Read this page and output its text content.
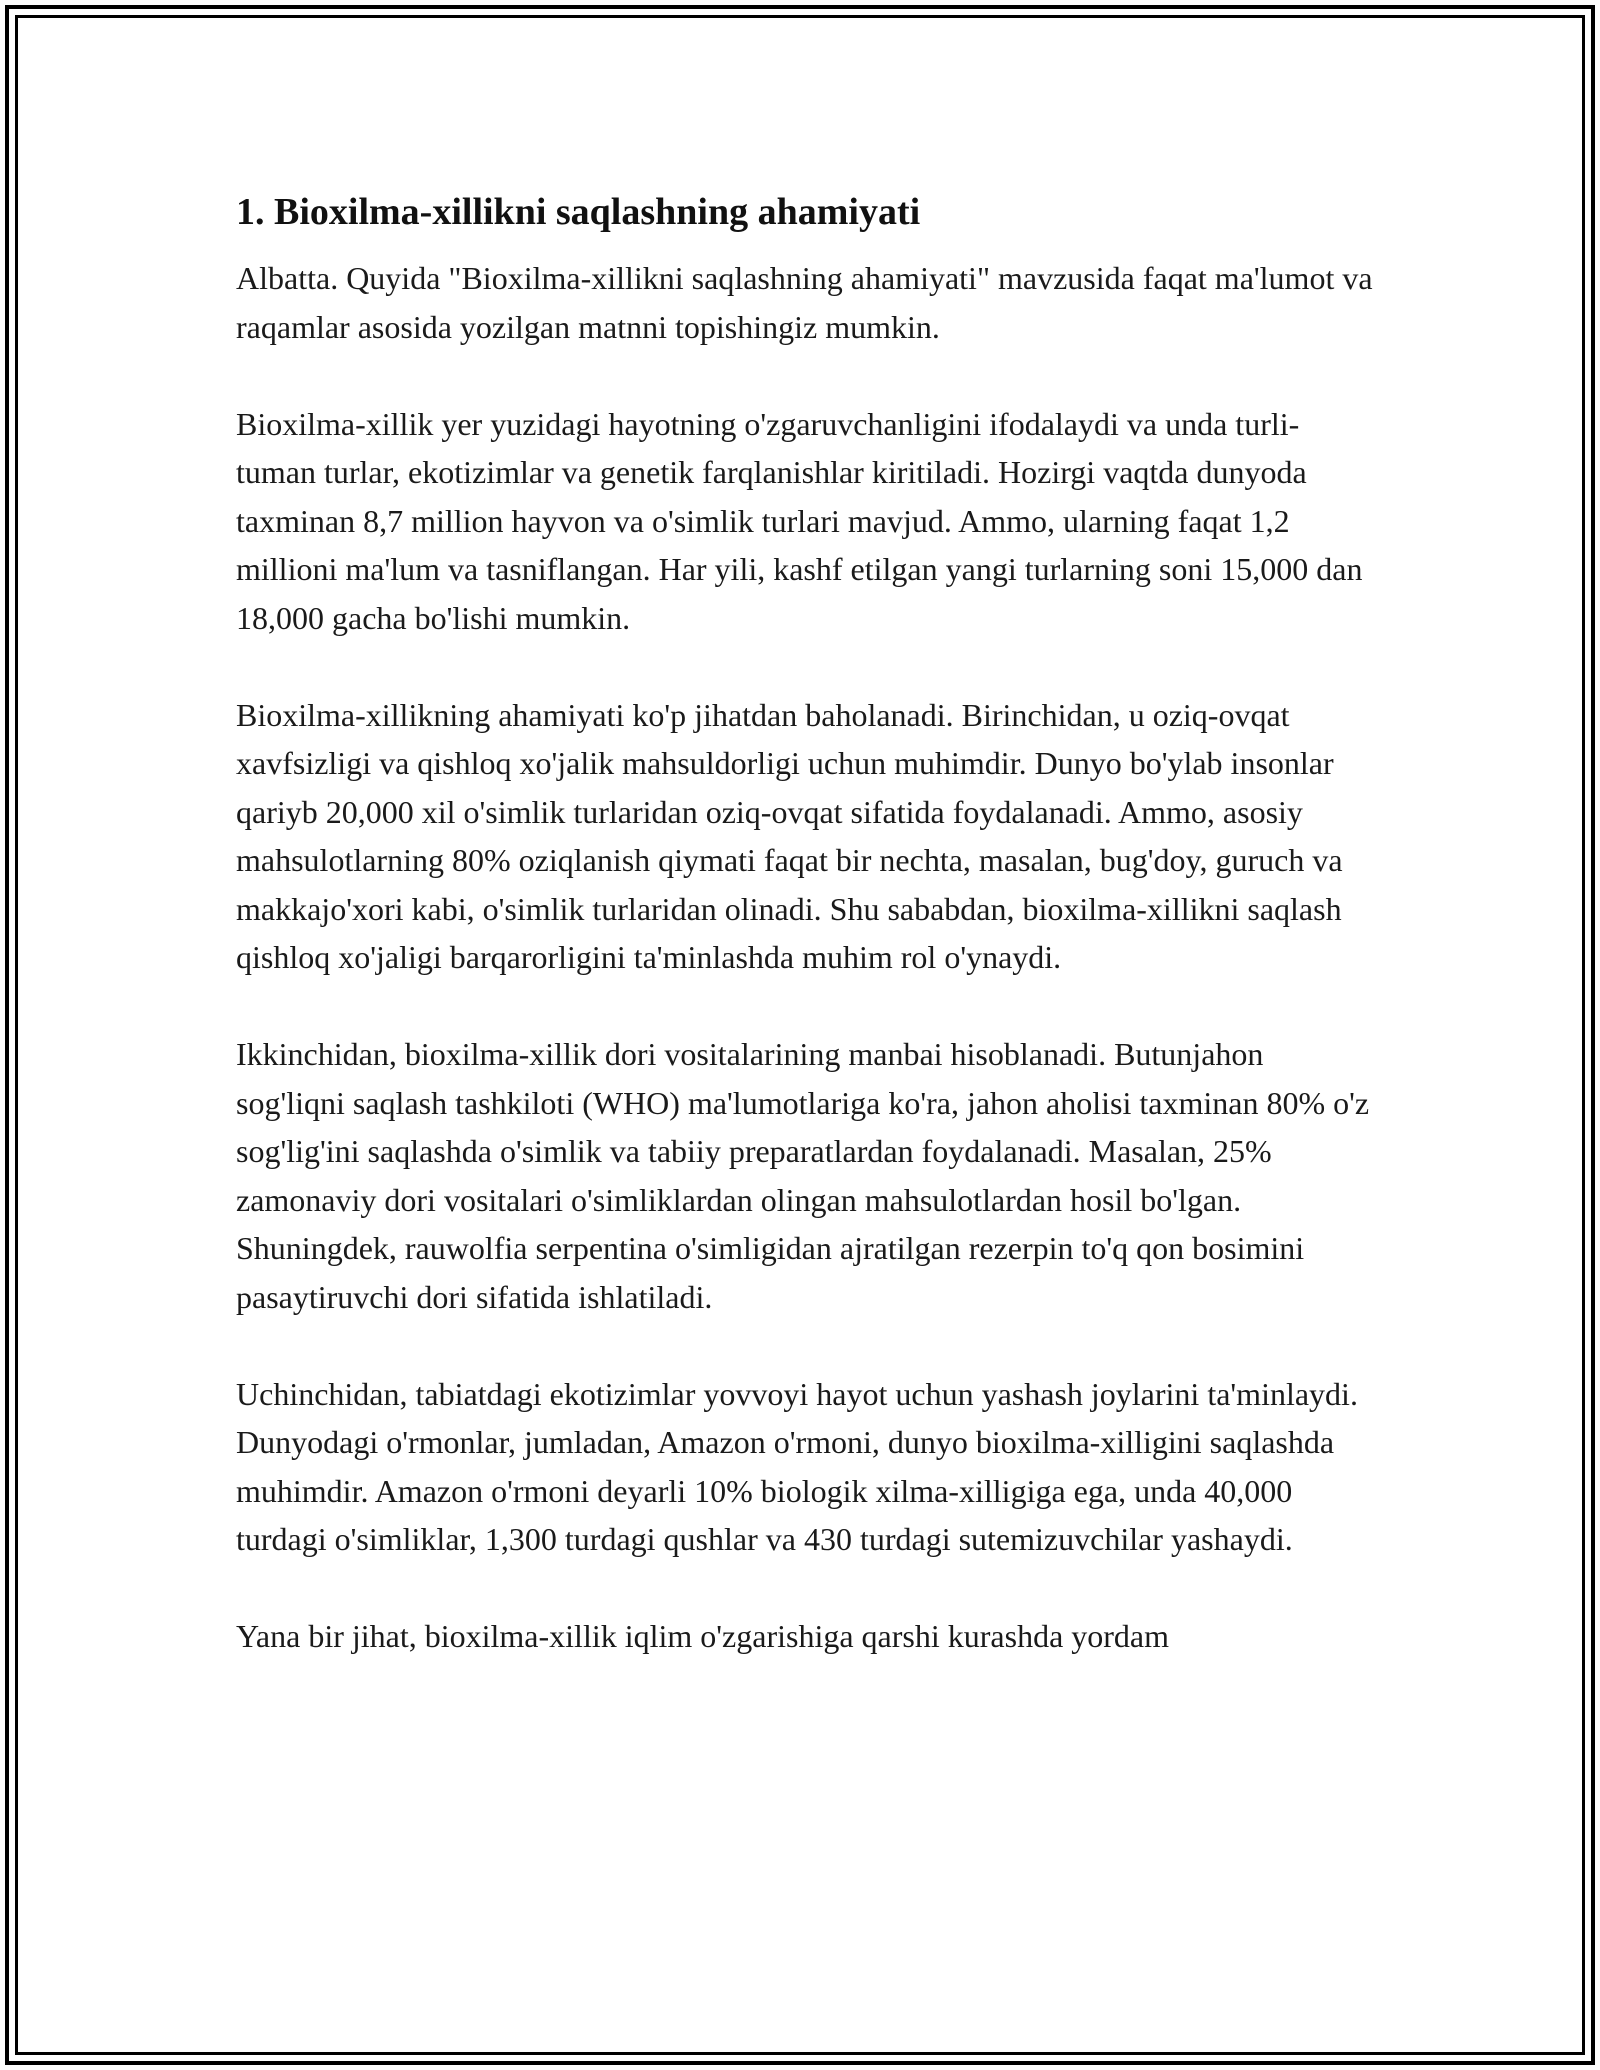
1. Bioxilma-xillikni saqlashning ahamiyati

Albatta. Quyida "Bioxilma-xillikni saqlashning ahamiyati" mavzusida faqat ma'lumot va raqamlar asosida yozilgan matnni topishingiz mumkin.

Bioxilma-xillik yer yuzidagi hayotning o'zgaruvchanligini ifodalaydi va unda turli-tuman turlar, ekotizimlar va genetik farqlanishlar kiritiladi. Hozirgi vaqtda dunyoda taxminan 8,7 million hayvon va o'simlik turlari mavjud. Ammo, ularning faqat 1,2 millioni ma'lum va tasniflangan. Har yili, kashf etilgan yangi turlarning soni 15,000 dan 18,000 gacha bo'lishi mumkin.

Bioxilma-xillikning ahamiyati ko'p jihatdan baholanadi. Birinchidan, u oziq-ovqat xavfsizligi va qishloq xo'jalik mahsuldorligi uchun muhimdir. Dunyo bo'ylab insonlar qariyb 20,000 xil o'simlik turlaridan oziq-ovqat sifatida foydalanadi. Ammo, asosiy mahsulotlarning 80% oziqlanish qiymati faqat bir nechta, masalan, bug'doy, guruch va makkajo'xori kabi, o'simlik turlaridan olinadi. Shu sababdan, bioxilma-xillikni saqlash qishloq xo'jaligi barqarorligini ta'minlashda muhim rol o'ynaydi.

Ikkinchidan, bioxilma-xillik dori vositalarining manbai hisoblanadi. Butunjahon sog'liqni saqlash tashkiloti (WHO) ma'lumotlariga ko'ra, jahon aholisi taxminan 80% o'z sog'lig'ini saqlashda o'simlik va tabiiy preparatlardan foydalanadi. Masalan, 25% zamonaviy dori vositalari o'simliklardan olingan mahsulotlardan hosil bo'lgan. Shuningdek, rauwolfia serpentina o'simligidan ajratilgan rezerpin to'q qon bosimini pasaytiruvchi dori sifatida ishlatiladi.

Uchinchidan, tabiatdagi ekotizimlar yovvoyi hayot uchun yashash joylarini ta'minlaydi. Dunyodagi o'rmonlar, jumladan, Amazon o'rmoni, dunyo bioxilma-xilligini saqlashda muhimdir. Amazon o'rmoni deyarli 10% biologik xilma-xilligiga ega, unda 40,000 turdagi o'simliklar, 1,300 turdagi qushlar va 430 turdagi sutemizuvchilar yashaydi.

Yana bir jihat, bioxilma-xillik iqlim o'zgarishiga qarshi kurashda yordam
